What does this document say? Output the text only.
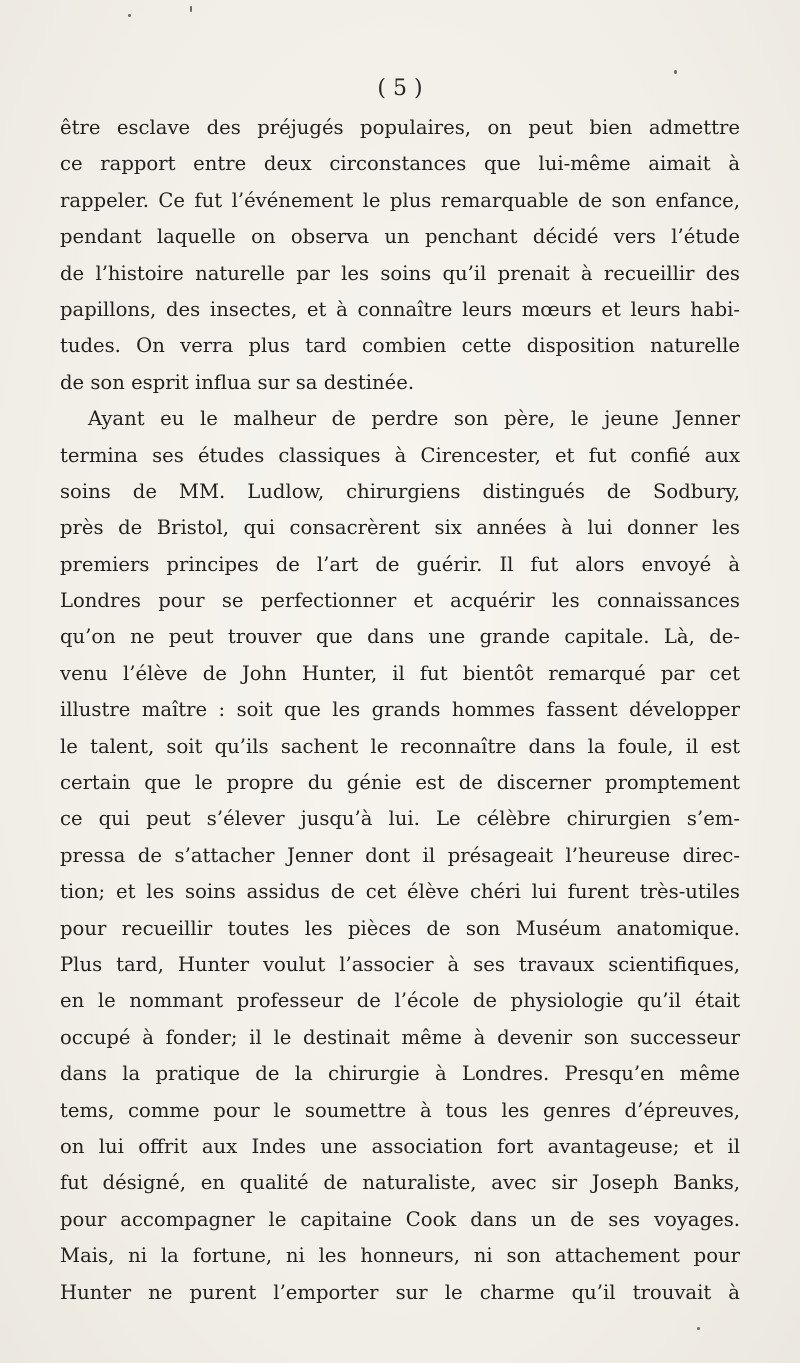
( 5 )
être esclave des préjugés populaires, on peut bien admettre
ce rapport entre deux circonstances que lui-même aimait à
rappeler. Ce fut l’événement le plus remarquable de son enfance,
pendant laquelle on observa un penchant décidé vers l’étude
de l’histoire naturelle par les soins qu’il prenait à recueillir des
papillons, des insectes, et à connaître leurs mœurs et leurs habi-
tudes. On verra plus tard combien cette disposition naturelle
de son esprit influa sur sa destinée.
Ayant eu le malheur de perdre son père, le jeune Jenner
termina ses études classiques à Cirencester, et fut confié aux
soins de MM. Ludlow, chirurgiens distingués de Sodbury,
près de Bristol, qui consacrèrent six années à lui donner les
premiers principes de l’art de guérir. Il fut alors envoyé à
Londres pour se perfectionner et acquérir les connaissances
qu’on ne peut trouver que dans une grande capitale. Là, de-
venu l’élève de John Hunter, il fut bientôt remarqué par cet
illustre maître : soit que les grands hommes fassent développer
le talent, soit qu’ils sachent le reconnaître dans la foule, il est
certain que le propre du génie est de discerner promptement
ce qui peut s’élever jusqu’à lui. Le célèbre chirurgien s’em-
pressa de s’attacher Jenner dont il présageait l’heureuse direc-
tion; et les soins assidus de cet élève chéri lui furent très-utiles
pour recueillir toutes les pièces de son Muséum anatomique.
Plus tard, Hunter voulut l’associer à ses travaux scientifiques,
en le nommant professeur de l’école de physiologie qu’il était
occupé à fonder; il le destinait même à devenir son successeur
dans la pratique de la chirurgie à Londres. Presqu’en même
tems, comme pour le soumettre à tous les genres d’épreuves,
on lui offrit aux Indes une association fort avantageuse; et il
fut désigné, en qualité de naturaliste, avec sir Joseph Banks,
pour accompagner le capitaine Cook dans un de ses voyages.
Mais, ni la fortune, ni les honneurs, ni son attachement pour
Hunter ne purent l’emporter sur le charme qu’il trouvait à
